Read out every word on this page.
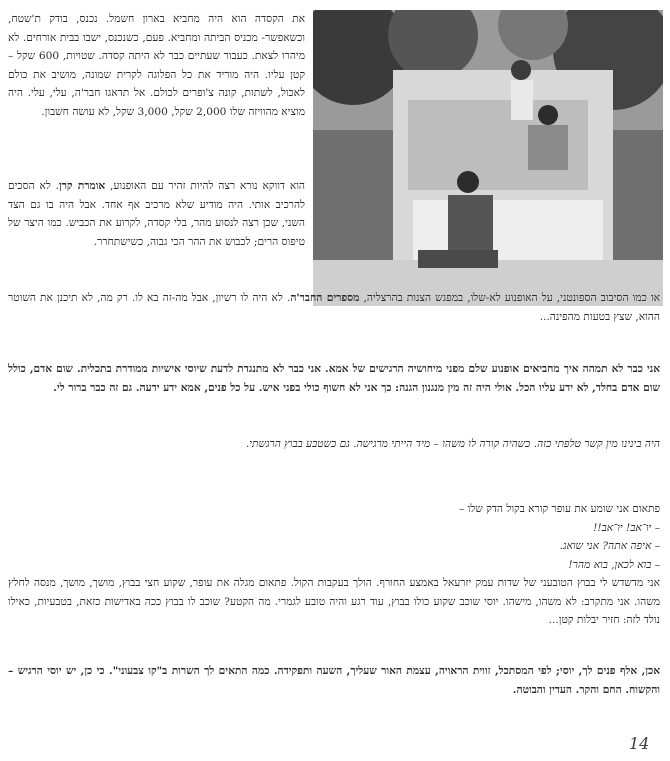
את הקסדה הוא היה מחביא בארון חשמל. נכנס, בודק ת'שטח, וכשאפשר- מכניס הביתה ומחביא. פעם, כשנכנס, ישבו בבית אורחים. לא מיהרו לצאת. כעבור שעתיים כבר לא היתה קסדה. שטויות, 600 שקל – קטן עליו. היה מוריד את כל הפלוגה לקרית שמונה, מושיב את כולם לאכול, לשתות, קונה צ'ופרים לכולם. אל תדאגו חבר'ה, עלי, עלי. היה מוציא מהוויזה שלו 2,000 שקל, 3,000 שקל, לא עושה חשבון.

הוא דווקא נורא רצה להיות זהיר עם האופנוע, אומרת קרן. לא הסכים להרכיב אותי. היה מודיע שלא מרכיב אף אחד. אבל היה בו גם הצד השני, שכן רצה לנסוע מהר, בלי קסדה, לקרוע את הכביש. כמו היצר של טיפוס הרים; לכבוש את ההר הכי גבוה, כשישתחרר.

או כמו הסיבוב הספונטני, על האופנוע לא-שלו, במפגש הצנות בהרצליה, מספרים החבר'ה. לא היה לו רשיון, אבל מה-זה בא לו. רק מה, לא תיכנן את השוטר ההוא, שצץ בטעות מהפינה...

אני כבר לא תמהה איך מחביאים אופנוע שלם מפני מיחושיה הרגישים של אמא. אני כבר לא מתנגדת לדעת שיוסי אישיות ממודרת בתכלית. שום אדם, כולל שום אדם בחלד, לא ידע עליו הכל. אולי היה זה מין מנגנון הגנה: כך אני לא חשוף כולי בפני איש. על כל פנים, אמא ידע ידעה. גם זה כבר ברור לי.

היה בינינו מין קשר טלפתי כזה. כשהיה קורה לו משהו – מיד הייתי מרגישה. גם כשטבע בבוץ הרגשתי.

פתאום אני שומע את עופר קורא בקול הדק שלו –

– יו־אב! יו־אב!!
– איפה אתה? אני שואג.
– בוא לכאן, בוא מהר!

אני מדשדש לי בבוץ הטובעני של שדות עמק יזרעאל באמצע החורף. הולך בעקבות הקול. פתאום מגלה את עופר, שקוע חצי בבוץ, מושך, מושך, מנסה לחלץ משהו. אני מתקרב: לא משהו, מישהו. יוסי שוכב שקוע כולו בבוץ, עוד רגע והיה טובע לגמרי. מה הקטע? שוכב לו בבוץ ככה באדישות כזאת, בטבעיות, כאילו נולד לזה: חזיר יבלות קטן...

אכן, אלף פנים לך, יוסי; לפי המסתכל, זווית הראויה, עצמת האור שעליך, השעה ותפקידה. כמה התאים לך השרות ב"קו צבעוני". כי כן, יש יוסי הרגיש – והקשוח. החם והקר. העדין והבוטה.

14
